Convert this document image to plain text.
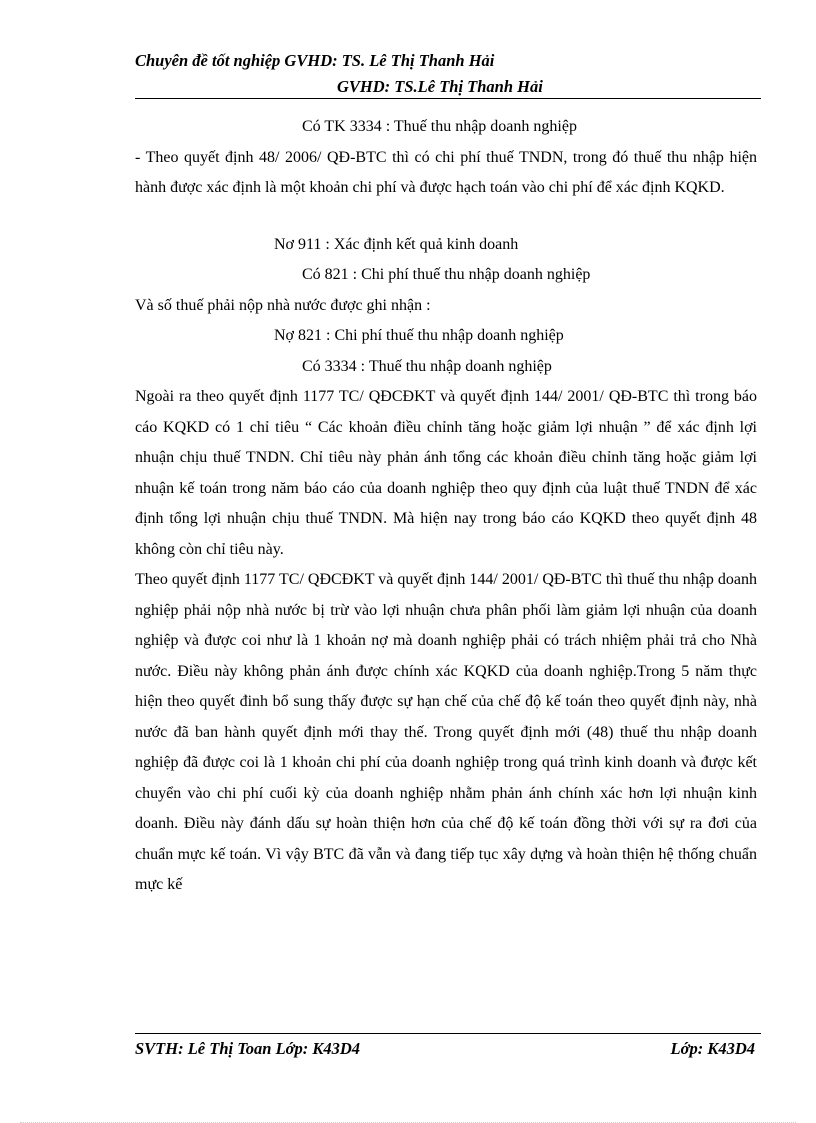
Chuyên đề tốt nghiệp GVHD: TS. Lê Thị Thanh Hải
GVHD: TS.Lê Thị Thanh Hải

Có TK 3334 : Thuế thu nhập doanh nghiệp

- Theo quyết định 48/ 2006/ QĐ-BTC thì có chi phí thuế TNDN, trong đó thuế thu nhập hiện hành được xác định là một khoản chi phí và được hạch toán vào chi phí để xác định KQKD.

Nơ 911 : Xác định kết quả kinh doanh

Có 821 : Chi phí thuế thu nhập doanh nghiệp

Và số thuế phải nộp nhà nước được ghi nhận :

Nợ 821 : Chi phí thuế thu nhập doanh nghiệp

Có 3334 : Thuế thu nhập doanh nghiệp

Ngoài ra theo quyết định 1177 TC/ QĐCĐKT và quyết định 144/ 2001/ QĐ-BTC thì trong báo cáo KQKD có 1 chỉ tiêu “ Các khoản điều chỉnh tăng hoặc giảm lợi nhuận ” để xác định lợi nhuận chịu thuế TNDN. Chỉ tiêu này phản ánh tổng các khoản điều chỉnh tăng hoặc giảm lợi nhuận kế toán trong năm báo cáo của doanh nghiệp theo quy định của luật thuế TNDN để xác định tổng lợi nhuận chịu thuế TNDN. Mà hiện nay trong báo cáo KQKD theo quyết định 48 không còn chỉ tiêu này.

Theo quyết định 1177 TC/ QĐCĐKT và quyết định 144/ 2001/ QĐ-BTC thì thuế thu nhập doanh nghiệp phải nộp nhà nước bị trừ vào lợi nhuận chưa phân phối làm giảm lợi nhuận của doanh nghiệp và được coi như là 1 khoản nợ mà doanh nghiệp phải có trách nhiệm phải trả cho Nhà nước. Điều này không phản ánh được chính xác KQKD của doanh nghiệp.Trong 5 năm thực hiện theo quyết đinh bổ sung thấy được sự hạn chế của chế độ kế toán theo quyết định này, nhà nước đã ban hành quyết định mới thay thế. Trong quyết định mới (48) thuế thu nhập doanh nghiệp đã được coi là 1 khoản chi phí của doanh nghiệp trong quá trình kinh doanh và được kết chuyển vào chi phí cuối kỳ của doanh nghiệp nhằm phản ánh chính xác hơn lợi nhuận kinh doanh. Điều này đánh dấu sự hoàn thiện hơn của chế độ kế toán đồng thời với sự ra đơi của chuẩn mực kế toán. Vì vậy BTC đã vẫn và đang tiếp tục xây dựng và hoàn thiện hệ thống chuẩn mực kế

SVTH: Lê Thị Toan Lớp: K43D4	Lớp: K43D4
